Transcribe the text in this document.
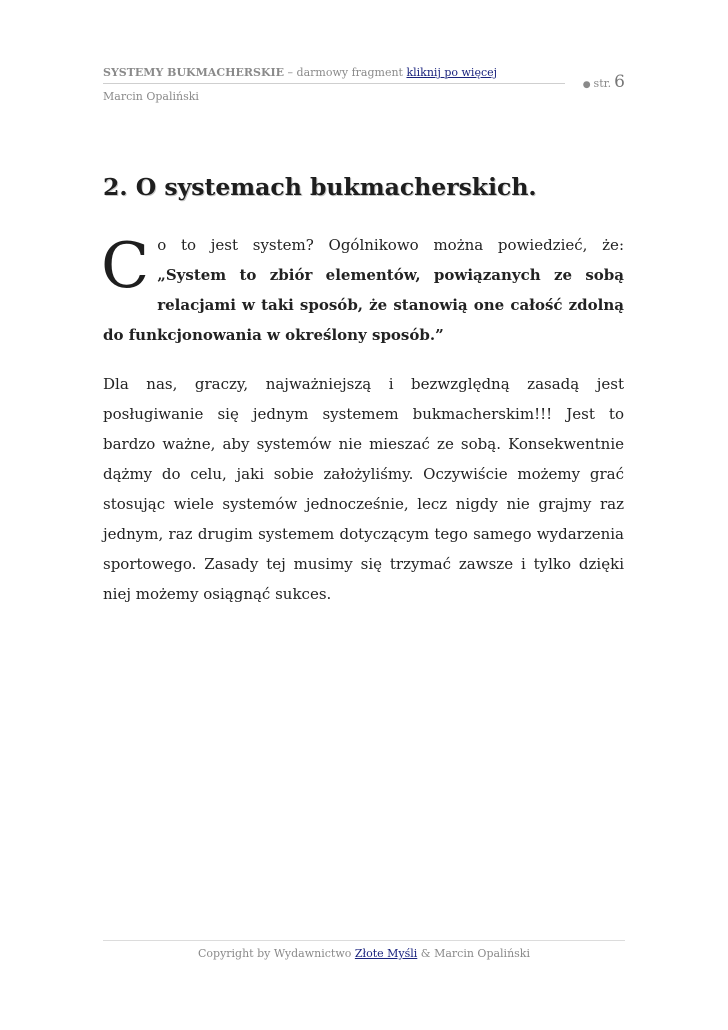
SYSTEMY BUKMACHERSKIE – darmowy fragment kliknij po więcej
Marcin Opaliński
● str. 6
2. O systemach bukmacherskich.

Co to jest system? Ogólnikowo można powiedzieć, że: „System to zbiór elementów, powiązanych ze sobą relacjami w taki sposób, że stanowią one całość zdolną do funkcjonowania w określony sposób.”

Dla nas, graczy, najważniejszą i bezwzględną zasadą jest posługiwanie się jednym systemem bukmacherskim!!! Jest to bardzo ważne, aby systemów nie mieszać ze sobą. Konsekwentnie dążmy do celu, jaki sobie założyliśmy. Oczywiście możemy grać stosując wiele systemów jednocześnie, lecz nigdy nie grajmy raz jednym, raz drugim systemem dotyczącym tego samego wydarzenia sportowego. Zasady tej musimy się trzymać zawsze i tylko dzięki niej możemy osiągnąć sukces.

Copyright by Wydawnictwo Złote Myśli & Marcin Opaliński
